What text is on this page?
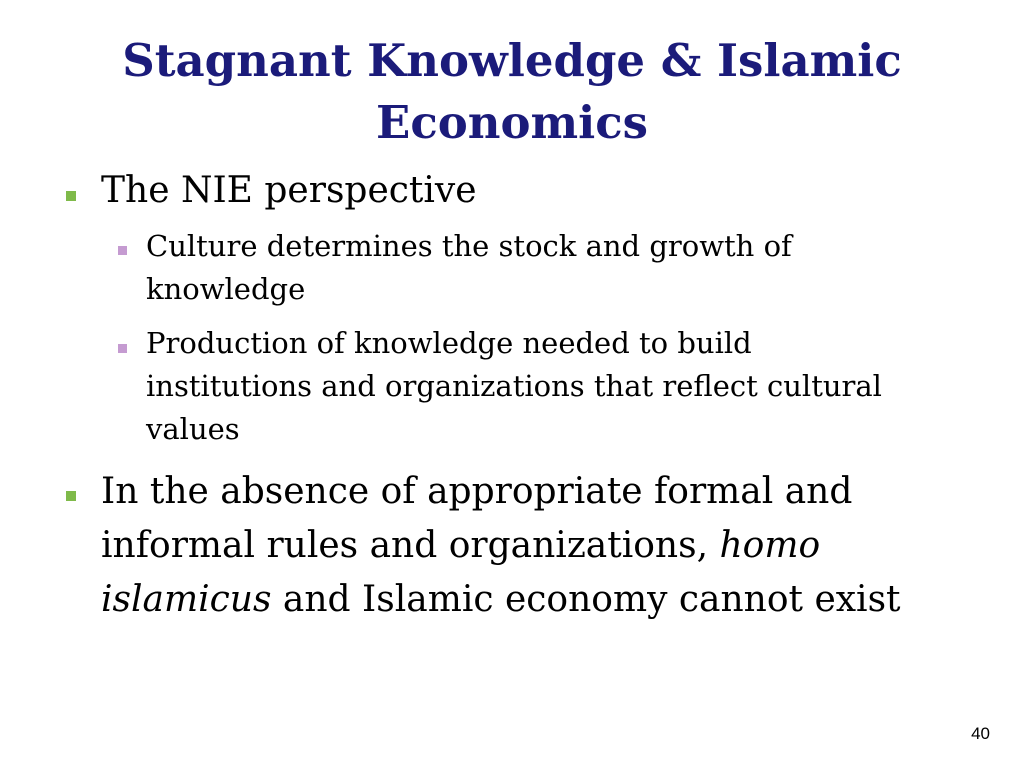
Stagnant Knowledge & Islamic Economics
The NIE perspective
Culture determines the stock and growth of knowledge
Production of knowledge needed to build institutions and organizations that reflect cultural values
In the absence of appropriate formal and informal rules and organizations, homo islamicus and Islamic economy cannot exist
40
